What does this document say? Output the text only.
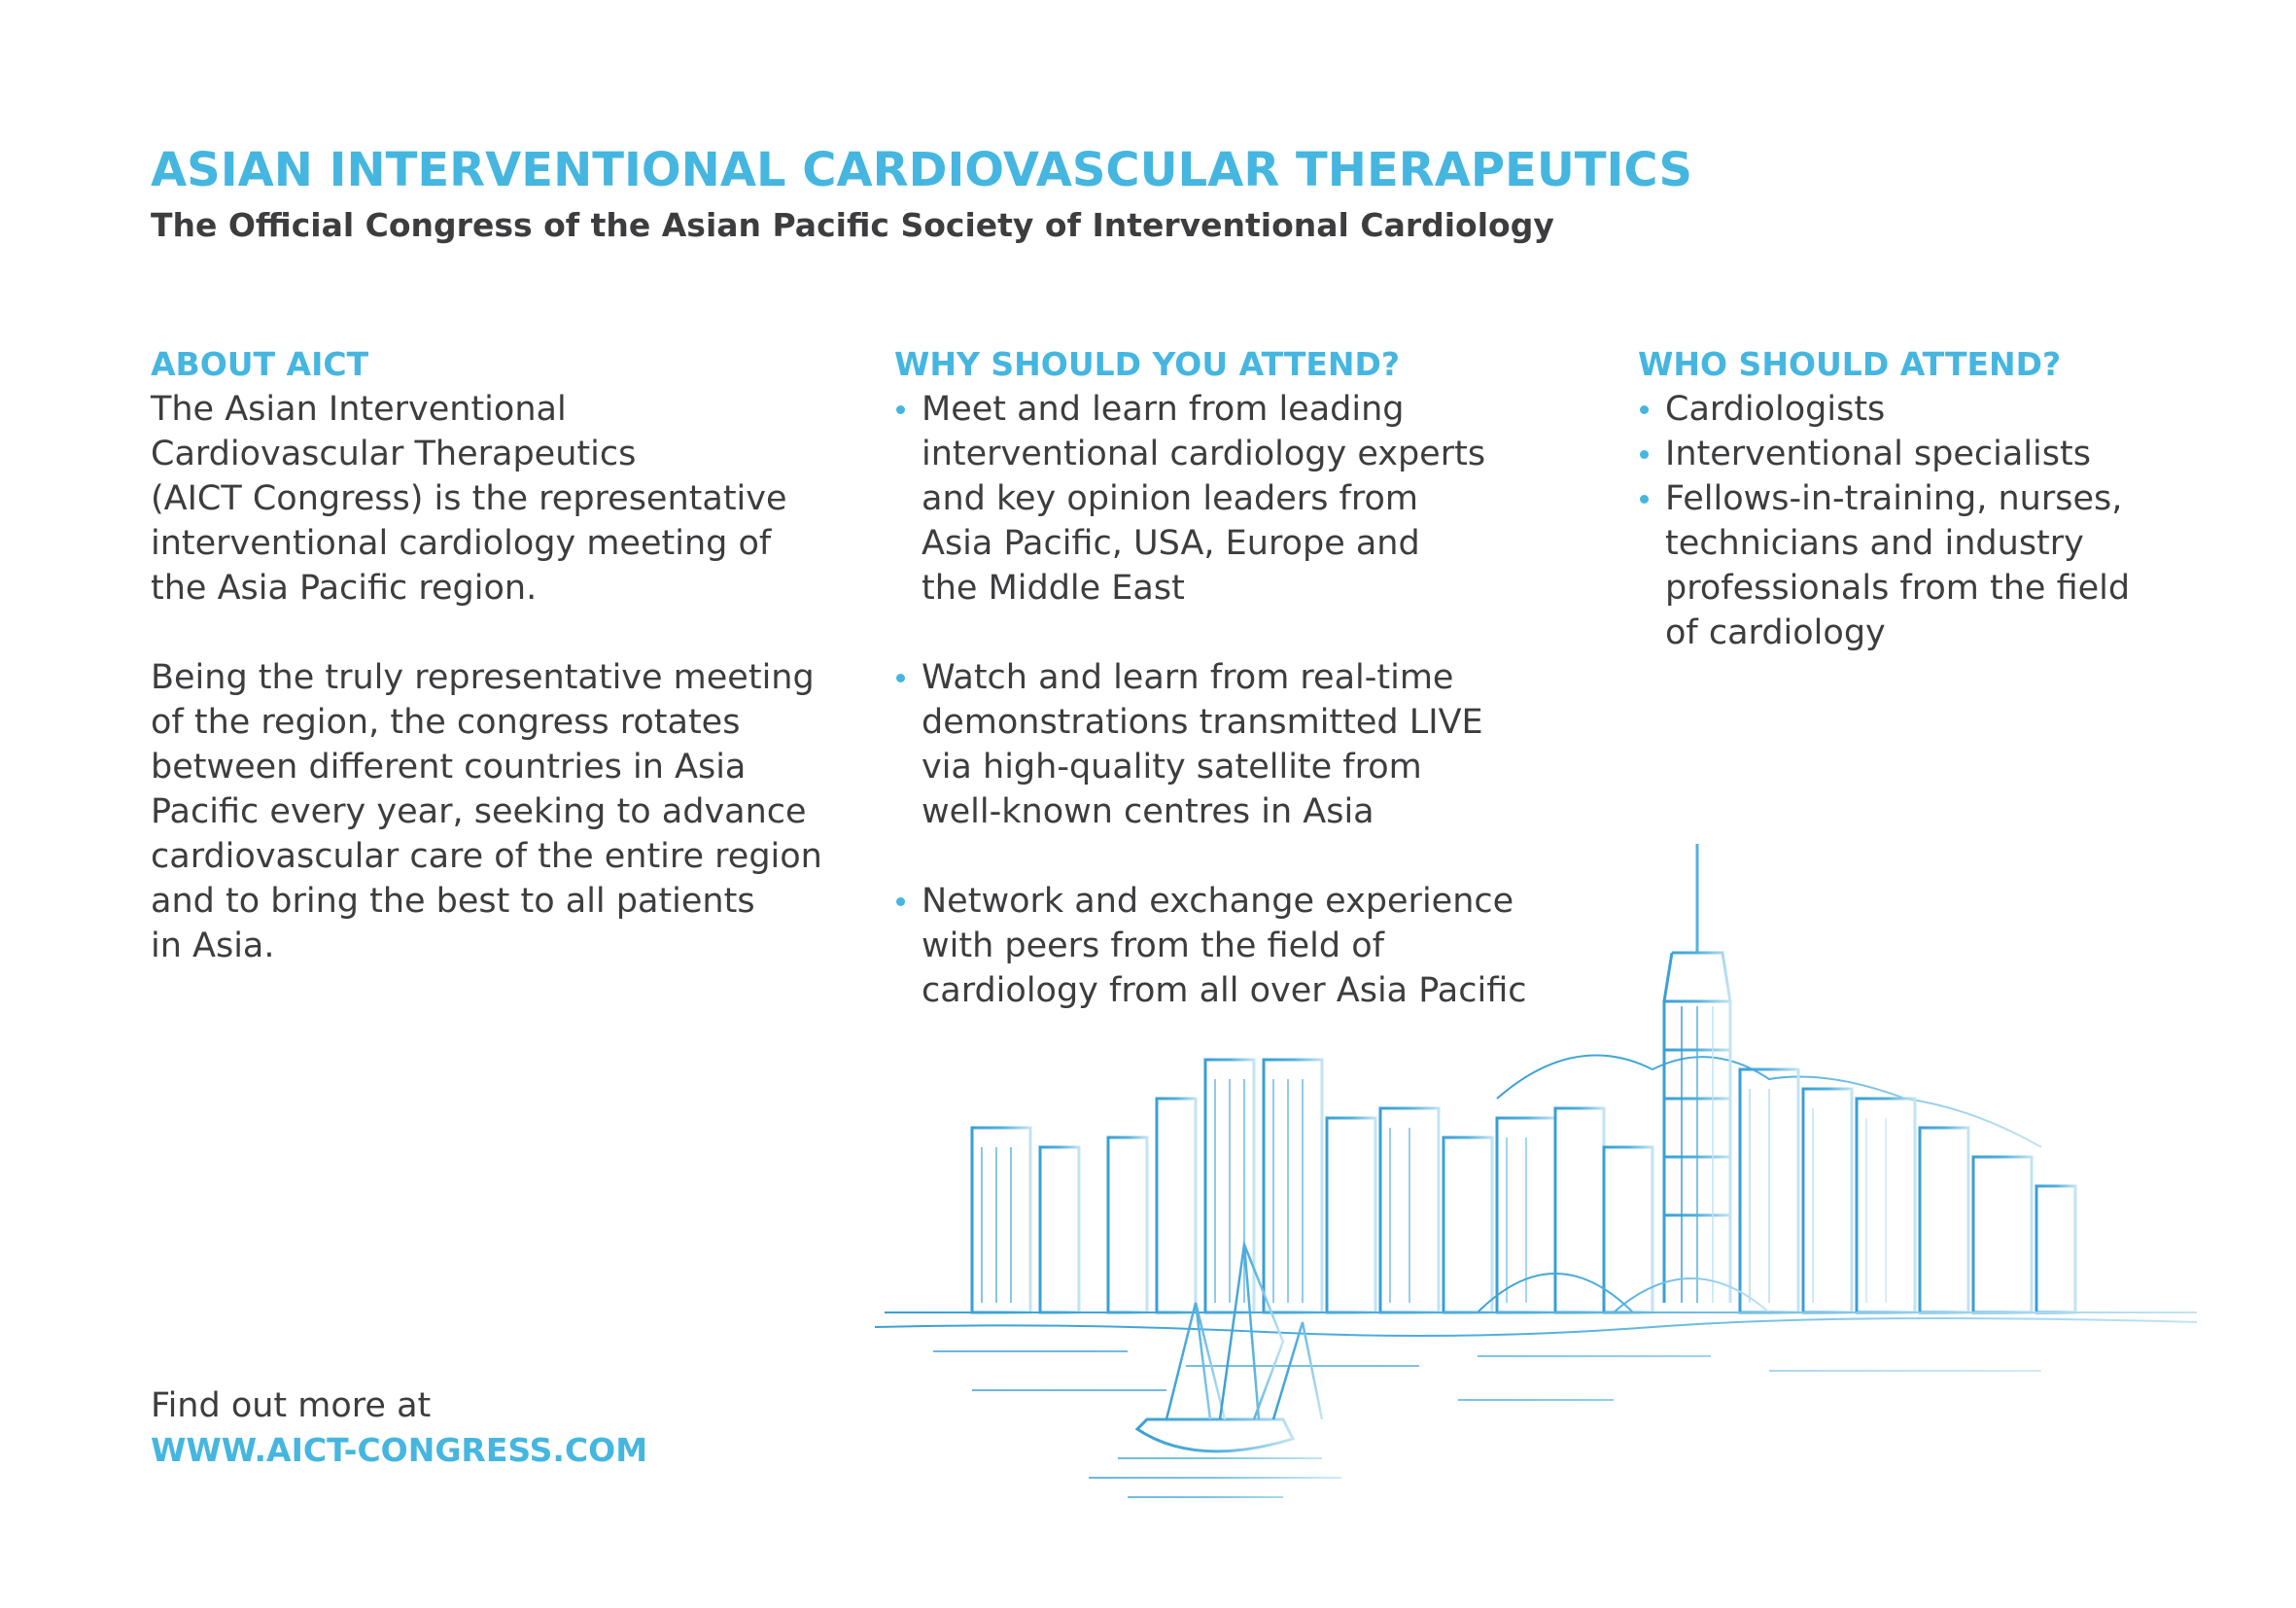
ASIAN INTERVENTIONAL CARDIOVASCULAR THERAPEUTICS
The Official Congress of the Asian Pacific Society of Interventional Cardiology
ABOUT AICT

The Asian Interventional
Cardiovascular Therapeutics
(AICT Congress) is the representative
interventional cardiology meeting of
the Asia Pacific region.

Being the truly representative meeting
of the region, the congress rotates
between different countries in Asia
Pacific every year, seeking to advance
cardiovascular care of the entire region
and to bring the best to all patients
in Asia.

WHY SHOULD YOU ATTEND?
Meet and learn from leading
interventional cardiology experts
and key opinion leaders from
Asia Pacific, USA, Europe and
the Middle East
Watch and learn from real-time
demonstrations transmitted LIVE
via high-quality satellite from
well-known centres in Asia
Network and exchange experience
with peers from the field of
cardiology from all over Asia Pacific
WHO SHOULD ATTEND?
Cardiologists
Interventional specialists
Fellows-in-training, nurses,
technicians and industry
professionals from the field
of cardiology
Find out more at
WWW.AICT-CONGRESS.COM
